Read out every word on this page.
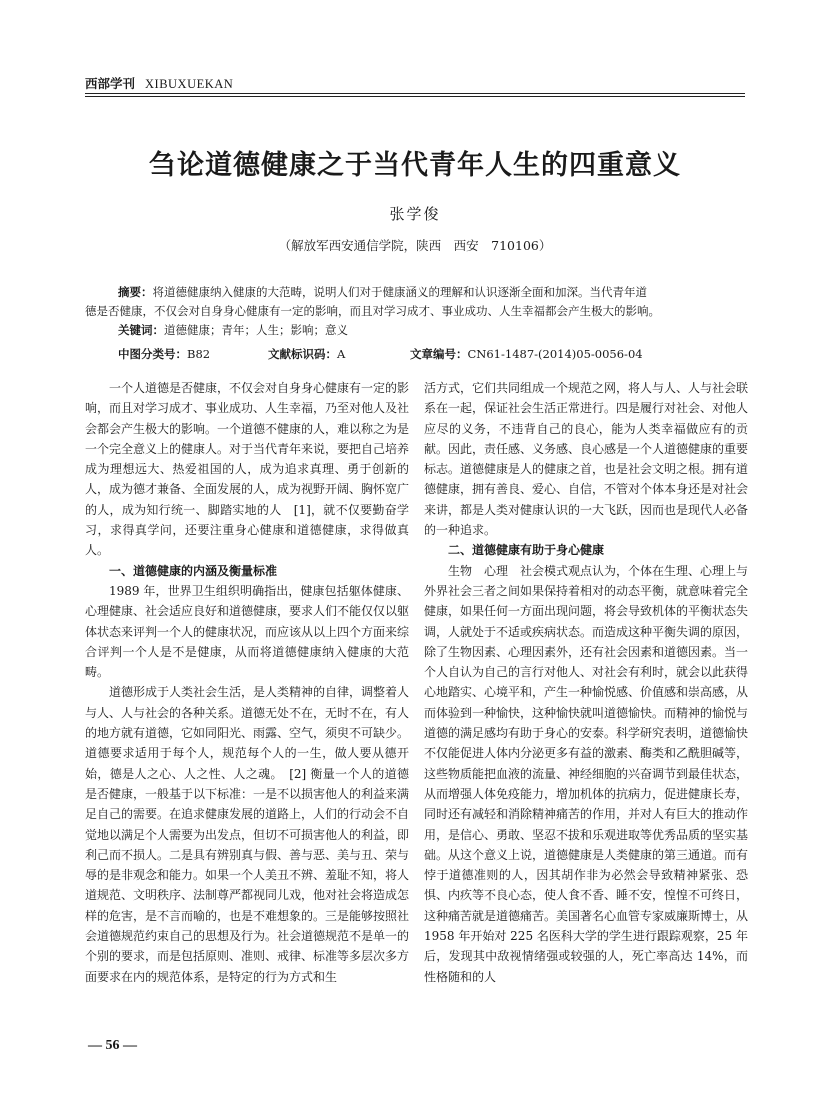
西部学刊 XIBUXUEKAN
刍论道德健康之于当代青年人生的四重意义
张学俊
（解放军西安通信学院，陕西　西安　710106）

摘要：将道德健康纳入健康的大范畴，说明人们对于健康涵义的理解和认识逐渐全面和加深。当代青年道

德是否健康，不仅会对自身身心健康有一定的影响，而且对学习成才、事业成功、人生幸福都会产生极大的影响。

关键词：道德健康；青年；人生；影响；意义

中图分类号：B82	文献标识码：A	文章编号：CN61-1487-(2014)05-0056-04

一个人道德是否健康，不仅会对自身身心健康有一定的影响，而且对学习成才、事业成功、人生幸福，乃至对他人及社会都会产生极大的影响。一个道德不健康的人，难以称之为是一个完全意义上的健康人。对于当代青年来说，要把自己培养　成为理想远大、热爱祖国的人，成为追求真理、勇于创新的人，成为德才兼备、全面发展的人，成为视野开阔、胸怀宽广的人，成为知行统一、脚踏实地的人　[1]，就不仅要勤奋学习，求得真学问，还要注重身心健康和道德健康，求得做真人。

一、道德健康的内涵及衡量标准

1989 年，世界卫生组织明确指出，健康包括躯体健康、心理健康、社会适应良好和道德健康，要求人们不能仅仅以躯体状态来评判一个人的健康状况，而应该从以上四个方面来综合评判一个人是不是健康，从而将道德健康纳入健康的大范畴。

道德形成于人类社会生活，是人类精神的自律，调整着人与人、人与社会的各种关系。道德无处不在，无时不在，有人的地方就有道德，它如同阳光、雨露、空气，须臾不可缺少。道德要求适用于每个人，规范每个人的一生，做人要从德开始，德是人之心、人之性、人之魂。　[2] 衡量一个人的道德是否健康，一般基于以下标准：一是不以损害他人的利益来满足自己的需要。在追求健康发展的道路上，人们的行动会不自觉地以满足个人需要为出发点，但切不可损害他人的利益，即利己而不损人。二是具有辨别真与假、善与恶、美与丑、荣与辱的是非观念和能力。如果一个人美丑不辨、羞耻不知，将人道规范、文明秩序、法制尊严都视同儿戏，他对社会将造成怎样的危害，是不言而喻的，也是不难想象的。三是能够按照社会道德规范约束自己的思想及行为。社会道德规范不是单一的个别的要求，而是包括原则、准则、戒律、标准等多层次多方面要求在内的规范体系，是特定的行为方式和生

活方式，它们共同组成一个规范之网，将人与人、人与社会联系在一起，保证社会生活正常进行。四是履行对社会、对他人应尽的义务，不违背自己的良心，能为人类幸福做应有的贡献。因此，责任感、义务感、良心感是一个人道德健康的重要标志。道德健康是人的健康之首，也是社会文明之根。拥有道德健康，拥有善良、爱心、自信，不管对个体本身还是对社会来讲，都是人类对健康认识的一大飞跃，因而也是现代人必备的一种追求。

二、道德健康有助于身心健康

生物　心理　社会模式观点认为，个体在生理、心理上与外界社会三者之间如果保持着相对的动态平衡，就意味着完全健康，如果任何一方面出现问题，将会导致机体的平衡状态失调，人就处于不适或疾病状态。而造成这种平衡失调的原因，除了生物因素、心理因素外，还有社会因素和道德因素。当一个人自认为自己的言行对他人、对社会有利时，就会以此获得心地踏实、心境平和，产生一种愉悦感、价值感和崇高感，从而体验到一种愉快，这种愉快就叫道德愉快。而精神的愉悦与道德的满足感均有助于身心的安泰。科学研究表明，道德愉快不仅能促进人体内分泌更多有益的激素、酶类和乙酰胆碱等，这些物质能把血液的流量、神经细胞的兴奋调节到最佳状态，从而增强人体免疫能力，增加机体的抗病力，促进健康长寿，同时还有减轻和消除精神痛苦的作用，并对人有巨大的推动作用，是信心、勇敢、坚忍不拔和乐观进取等优秀品质的坚实基础。从这个意义上说，道德健康是人类健康的第三通道。而有悖于道德准则的人，因其胡作非为必然会导致精神紧张、恐惧、内疚等不良心态，使人食不香、睡不安，惶惶不可终日，这种痛苦就是道德痛苦。美国著名心血管专家威廉斯博士，从 1958 年开始对 225 名医科大学的学生进行跟踪观察，25 年后，发现其中敌视情绪强或较强的人，死亡率高达 14%，而性格随和的人

— 56 —
